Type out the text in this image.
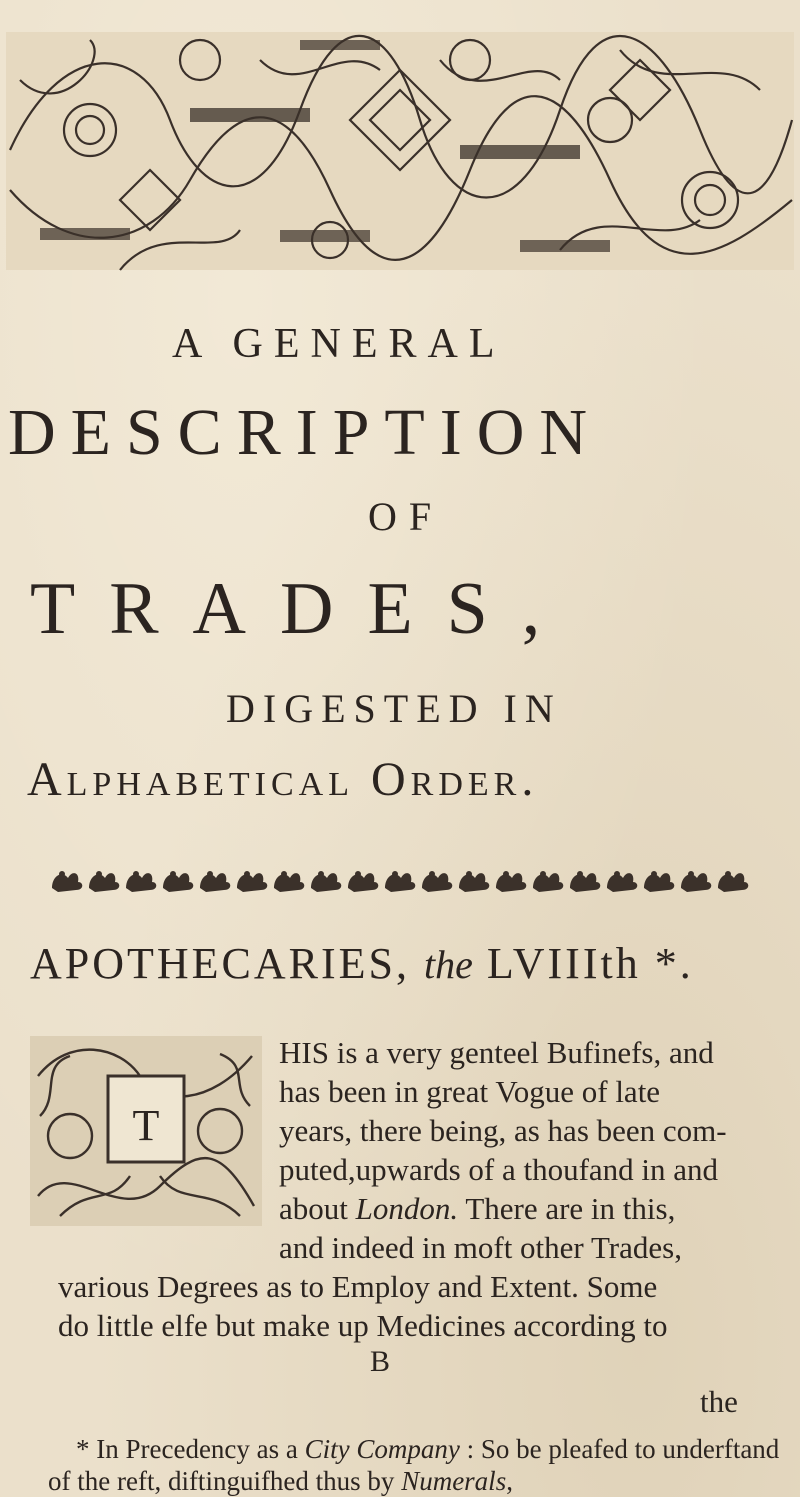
A GENERAL
DESCRIPTION
OF
TRADES,
DIGESTED IN
Alphabetical Order.
APOTHECARIES, the LVIIIth *.
T
HIS is a very genteel Bufinefs, and
has been in great Vogue of late
years, there being, as has been com-
puted,upwards of a thoufand in and
about London. There are in this,
and indeed in moft other Trades,
various Degrees as to Employ and Extent. Some
do little elfe but make up Medicines according to
B
the
* In Precedency as a City Company : So be pleafed to underftand
of the reft, diftinguifhed thus by Numerals,
